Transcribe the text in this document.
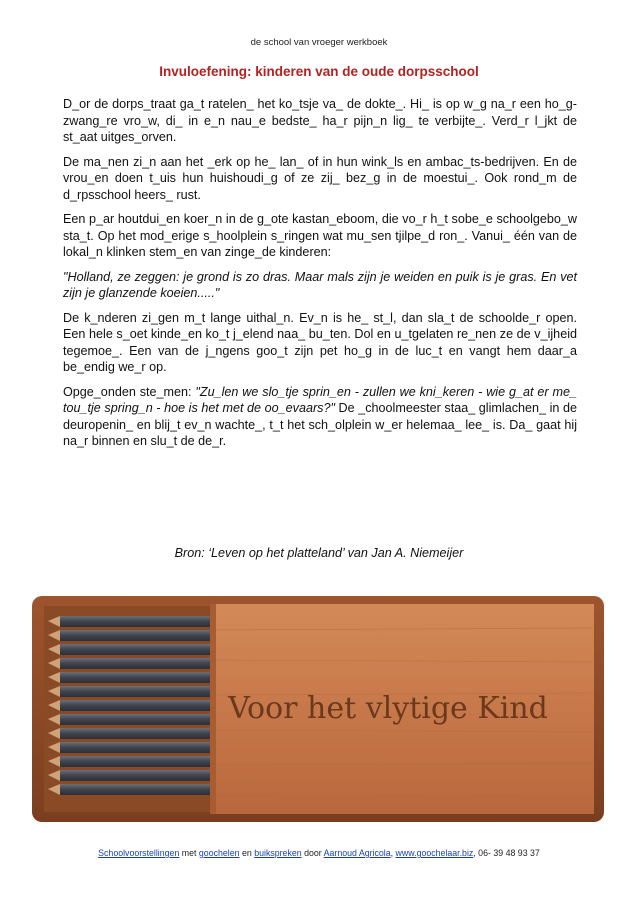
de school van vroeger werkboek
Invuloefening: kinderen van de oude dorpsschool

D_or de dorps_traat ga_t ratelen_ het ko_tsje va_ de dokte_. Hi_ is op w_g na_r een ho_g-zwang_re vro_w, di_ in e_n nau_e bedste_ ha_r pijn_n lig_ te verbijte_. Verd_r l_jkt de st_aat uitges_orven.

De ma_nen zi_n aan het _erk op he_ lan_ of in hun wink_ls en ambac_ts-bedrijven. En de vrou_en doen t_uis hun huishoudi_g of ze zij_ bez_g in de moestui_. Ook rond_m de d_rpsschool heers_ rust.

Een p_ar houtdui_en koer_n in de g_ote kastan_eboom, die vo_r h_t sobe_e schoolgebo_w sta_t. Op het mod_erige s_hoolplein s_ringen wat mu_sen tjilpe_d ron_. Vanui_ één van de lokal_n klinken stem_en van zinge_de kinderen:

"Holland, ze zeggen: je grond is zo dras. Maar mals zijn je weiden en puik is je gras. En vet zijn je glanzende koeien....."

De k_nderen zi_gen m_t lange uithal_n. Ev_n is he_ st_l, dan sla_t de schoolde_r open. Een hele s_oet kinde_en ko_t j_elend naa_ bu_ten. Dol en u_tgelaten re_nen ze de v_ijheid tegemoe_. Een van de j_ngens goo_t zijn pet ho_g in de luc_t en vangt hem daar_a be_endig we_r op.

Opge_onden ste_men: "Zu_len we slo_tje sprin_en - zullen we kni_keren - wie g_at er me_ tou_tje spring_n - hoe is het met de oo_evaars?" De _choolmeester staa_ glimlachen_ in de deuropenin_ en blij_t ev_n wachte_, t_t het sch_olplein w_er helemaa_ lee_ is. Da_ gaat hij na_r binnen en slu_t de de_r.

Bron: ‘Leven op het platteland’ van Jan A. Niemeijer
Voor het vlytige Kind
Schoolvoorstellingen met goochelen en buikspreken door Aarnoud Agricola, www.goochelaar.biz, 06- 39 48 93 37
